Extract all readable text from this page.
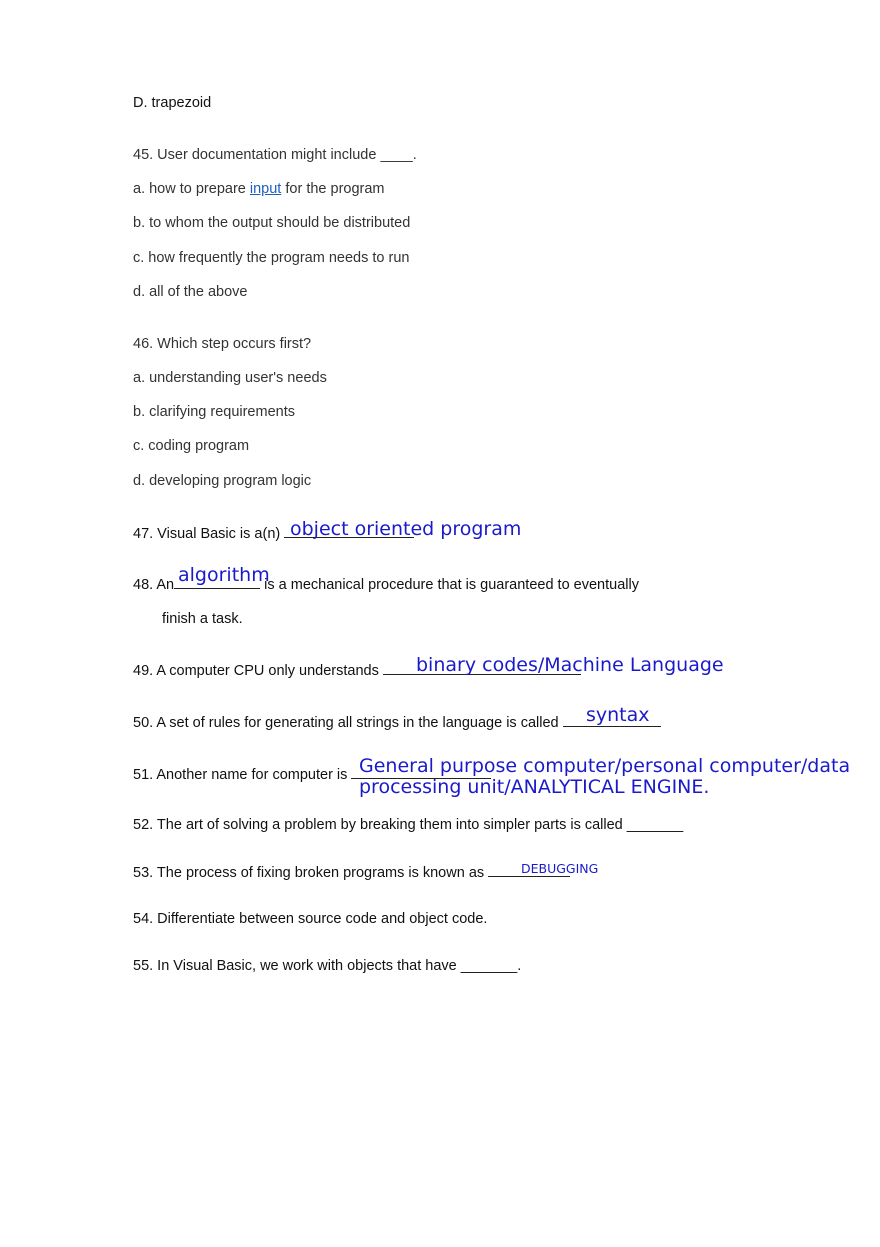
D. trapezoid
45. User documentation might include ____.
a. how to prepare input for the program
b. to whom the output should be distributed
c. how frequently the program needs to run
d. all of the above
46. Which step occurs first?
a. understanding user's needs
b. clarifying requirements
c. coding program
d. developing program logic
47. Visual Basic is a(n) object oriented program
48. An	is a mechanical procedure that is guaranteed to eventually
algorithm
finish a task.
49. A computer CPU only understands	binary codes/Machine Language
50. A set of rules for generating all strings in the language is called	syntax
51. Another name for computer is General purpose computer/personal computer/data
processing unit/ANALYTICAL ENGINE.
52. The art of solving a problem by breaking them into simpler parts is called _______
53. The process of fixing broken programs is known as	DEBUGGING
54. Differentiate between source code and object code.
55. In Visual Basic, we work with objects that have _______.
